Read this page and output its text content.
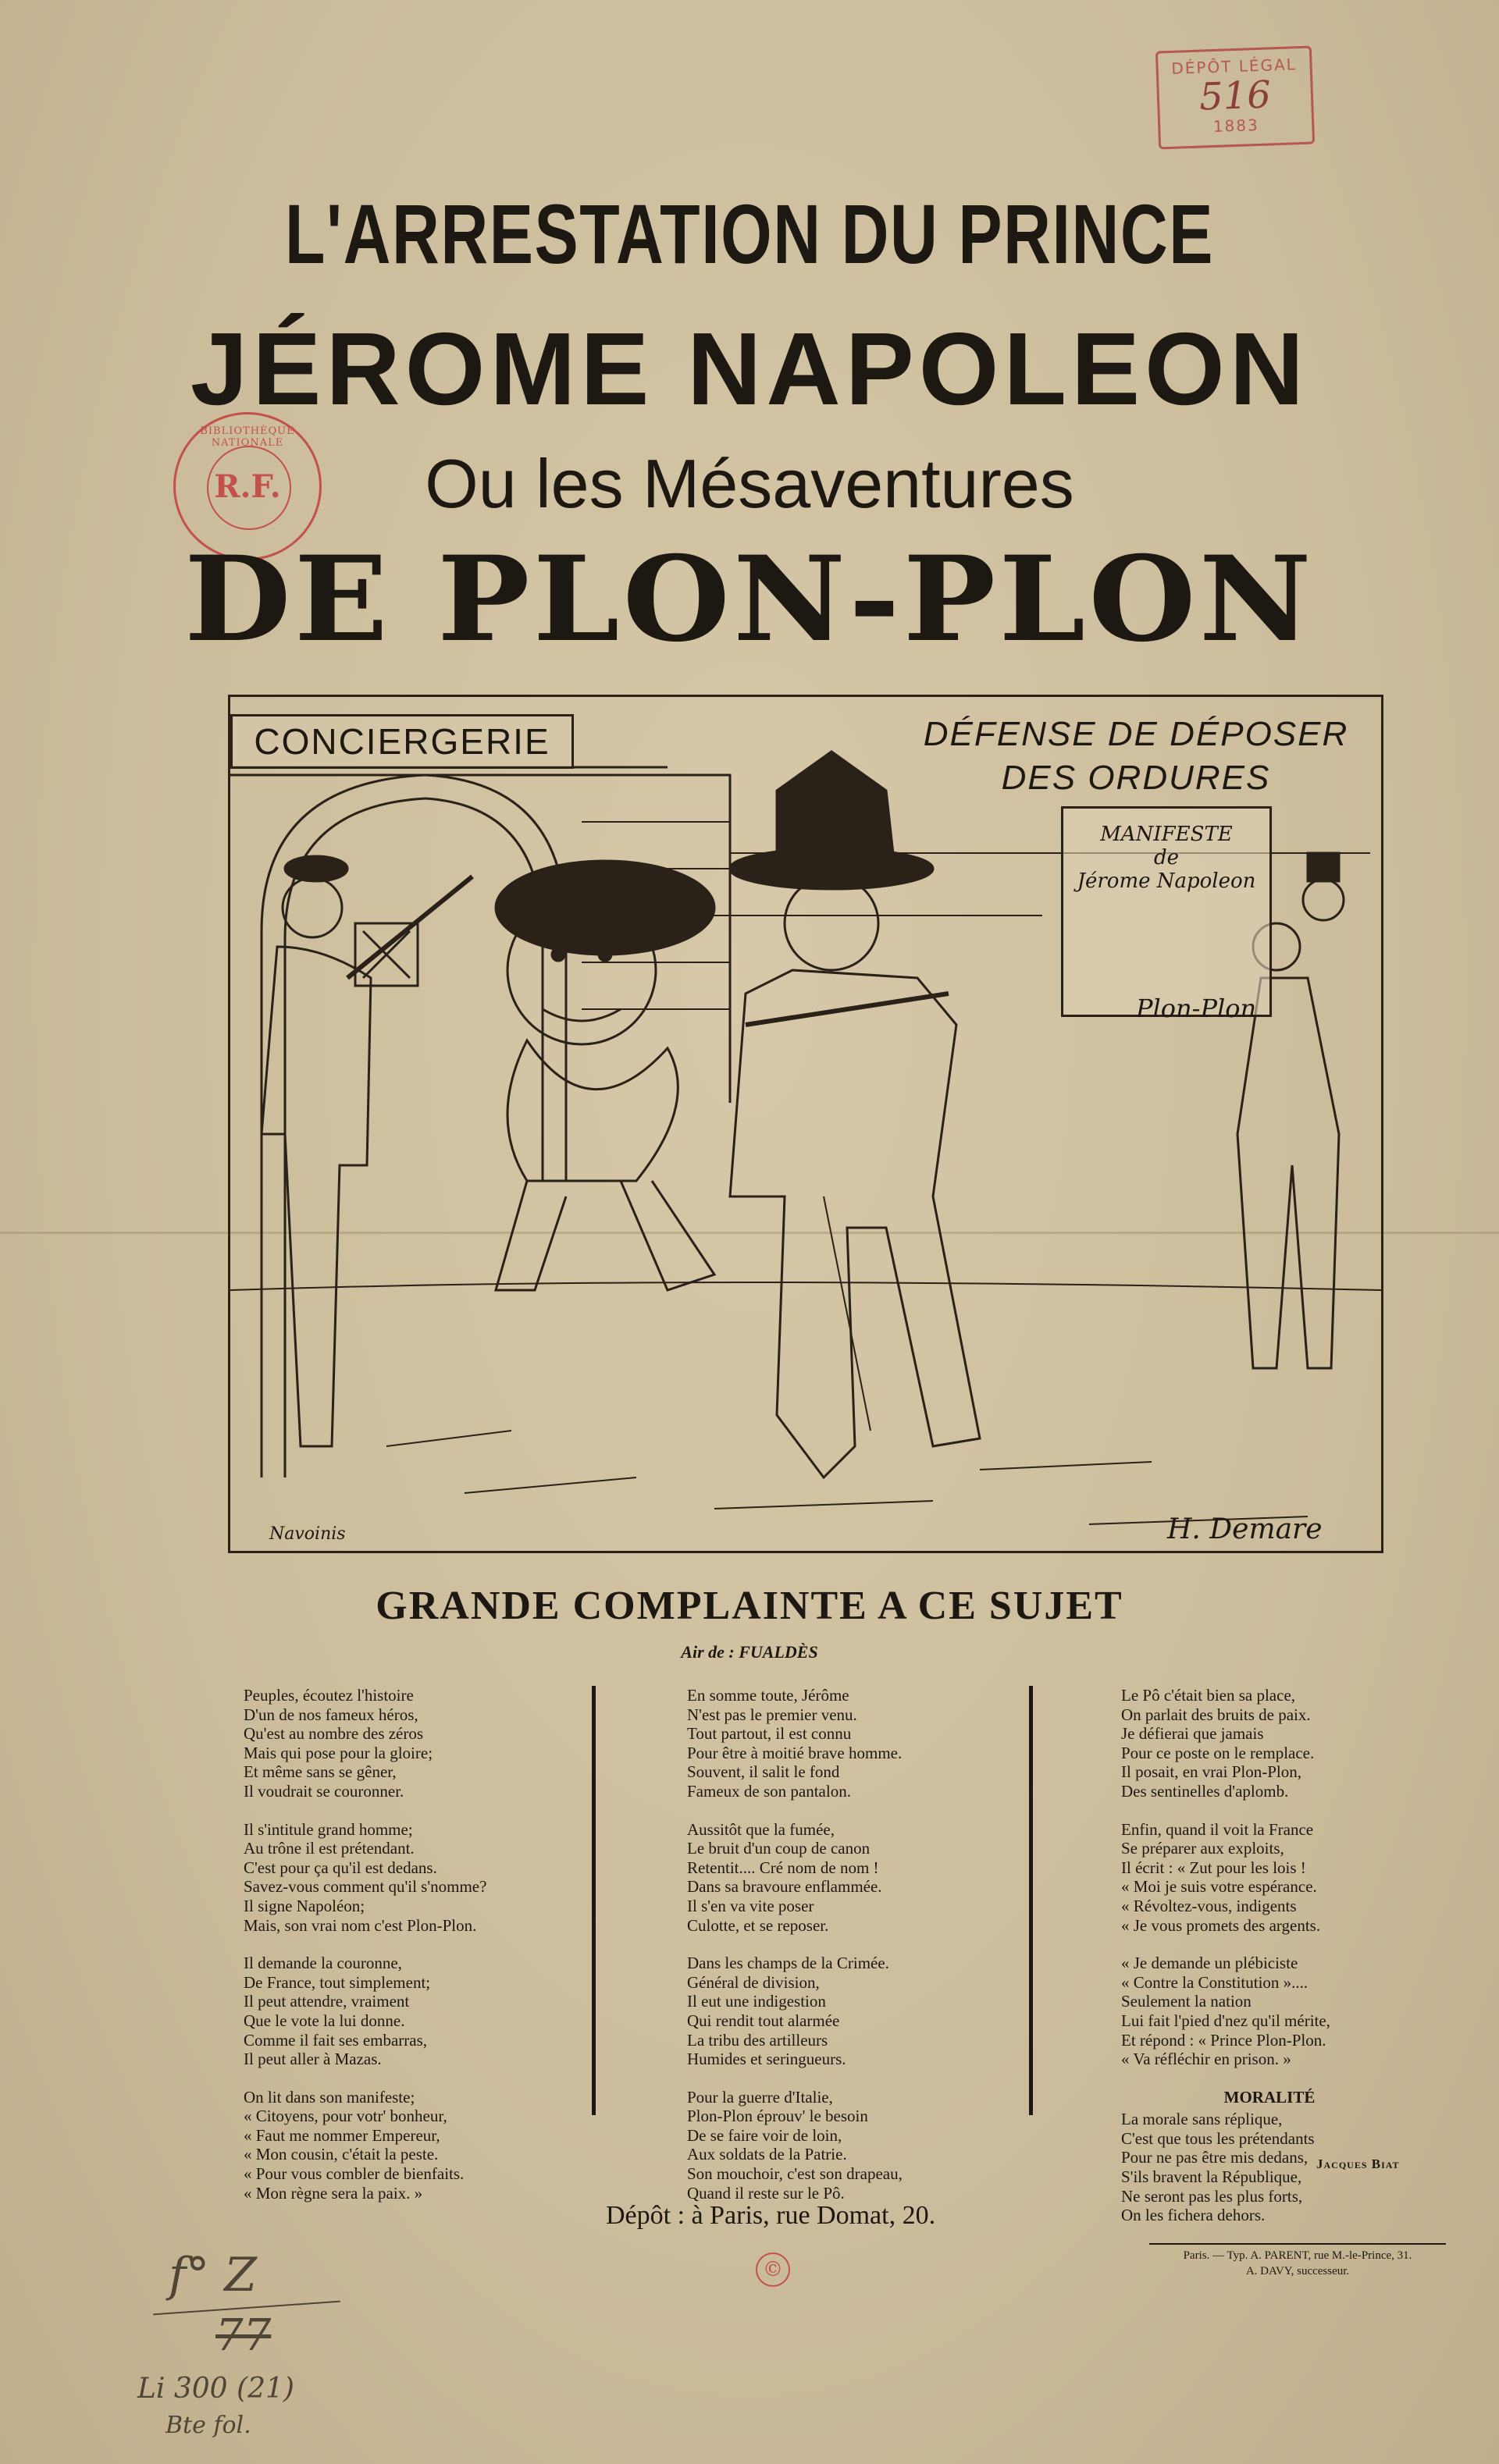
DÉPÔT LÉGAL
516
1883
BIBLIOTHÈQUE NATIONALE
R.F.
L'ARRESTATION DU PRINCE
JÉROME NAPOLEON
Ou les Mésaventures
DE PLON-PLON
CONCIERGERIE	DÉFENSE DE DÉPOSER
DES ORDURES
MANIFESTE
de
Jérome Napoleon
Plon-Plon
Navoinis	H. Demare
GRANDE COMPLAINTE A CE SUJET
Air de : FUALDÈS
Peuples, écoutez l'histoire
D'un de nos fameux héros,
Qu'est au nombre des zéros
Mais qui pose pour la gloire;
Et même sans se gêner,
Il voudrait se couronner.
Il s'intitule grand homme;
Au trône il est prétendant.
C'est pour ça qu'il est dedans.
Savez-vous comment qu'il s'nomme?
Il signe Napoléon;
Mais, son vrai nom c'est Plon-Plon.
Il demande la couronne,
De France, tout simplement;
Il peut attendre, vraiment
Que le vote la lui donne.
Comme il fait ses embarras,
Il peut aller à Mazas.
On lit dans son manifeste;
« Citoyens, pour votr' bonheur,
« Faut me nommer Empereur,
« Mon cousin, c'était la peste.
« Pour vous combler de bienfaits.
« Mon règne sera la paix. »
En somme toute, Jérôme
N'est pas le premier venu.
Tout partout, il est connu
Pour être à moitié brave homme.
Souvent, il salit le fond
Fameux de son pantalon.
Aussitôt que la fumée,
Le bruit d'un coup de canon
Retentit.... Cré nom de nom !
Dans sa bravoure enflammée.
Il s'en va vite poser
Culotte, et se reposer.
Dans les champs de la Crimée.
Général de division,
Il eut une indigestion
Qui rendit tout alarmée
La tribu des artilleurs
Humides et seringueurs.
Pour la guerre d'Italie,
Plon-Plon éprouv' le besoin
De se faire voir de loin,
Aux soldats de la Patrie.
Son mouchoir, c'est son drapeau,
Quand il reste sur le Pô.
Le Pô c'était bien sa place,
On parlait des bruits de paix.
Je défierai que jamais
Pour ce poste on le remplace.
Il posait, en vrai Plon-Plon,
Des sentinelles d'aplomb.
Enfin, quand il voit la France
Se préparer aux exploits,
Il écrit : « Zut pour les lois !
« Moi je suis votre espérance.
« Révoltez-vous, indigents
« Je vous promets des argents.
« Je demande un plébiciste
« Contre la Constitution »....
Seulement la nation
Lui fait l'pied d'nez qu'il mérite,
Et répond : « Prince Plon-Plon.
« Va réfléchir en prison. »
MORALITÉ
La morale sans réplique,
C'est que tous les prétendants
Pour ne pas être mis dedans,
S'ils bravent la République,
Ne seront pas les plus forts,
On les fichera dehors.
Jacques Biat
Dépôt : à Paris, rue Domat, 20.
©
Paris. — Typ. A. PARENT, rue M.-le-Prince, 31.
A. DAVY, successeur.
f° Z
77
Li 300 (21)
Bte fol.
